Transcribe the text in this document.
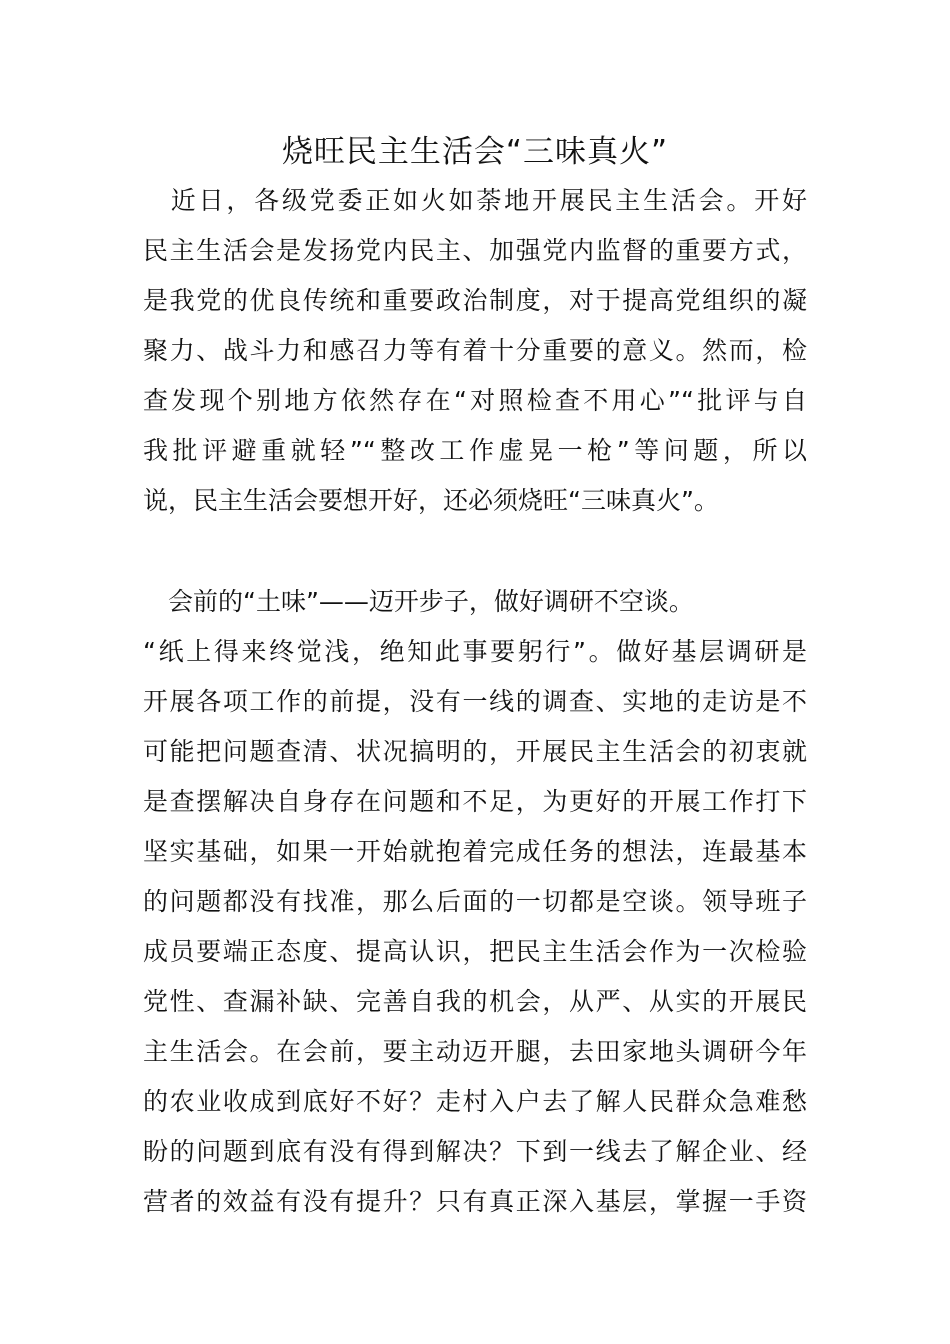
烧旺民主生活会“三味真火”
　近日，各级党委正如火如荼地开展民主生活会。开好
民主生活会是发扬党内民主、加强党内监督的重要方式，
是我党的优良传统和重要政治制度，对于提高党组织的凝
聚力、战斗力和感召力等有着十分重要的意义。然而，检
查发现个别地方依然存在“对照检查不用心”“批评与自
我批评避重就轻”“整改工作虚晃一枪”等问题，所以
说，民主生活会要想开好，还必须烧旺“三味真火”。
　会前的“土味”——迈开步子，做好调研不空谈。
“纸上得来终觉浅，绝知此事要躬行”。做好基层调研是
开展各项工作的前提，没有一线的调查、实地的走访是不
可能把问题查清、状况搞明的，开展民主生活会的初衷就
是查摆解决自身存在问题和不足，为更好的开展工作打下
坚实基础，如果一开始就抱着完成任务的想法，连最基本
的问题都没有找准，那么后面的一切都是空谈。领导班子
成员要端正态度、提高认识，把民主生活会作为一次检验
党性、查漏补缺、完善自我的机会，从严、从实的开展民
主生活会。在会前，要主动迈开腿，去田家地头调研今年
的农业收成到底好不好？走村入户去了解人民群众急难愁
盼的问题到底有没有得到解决？下到一线去了解企业、经
营者的效益有没有提升？只有真正深入基层，掌握一手资
